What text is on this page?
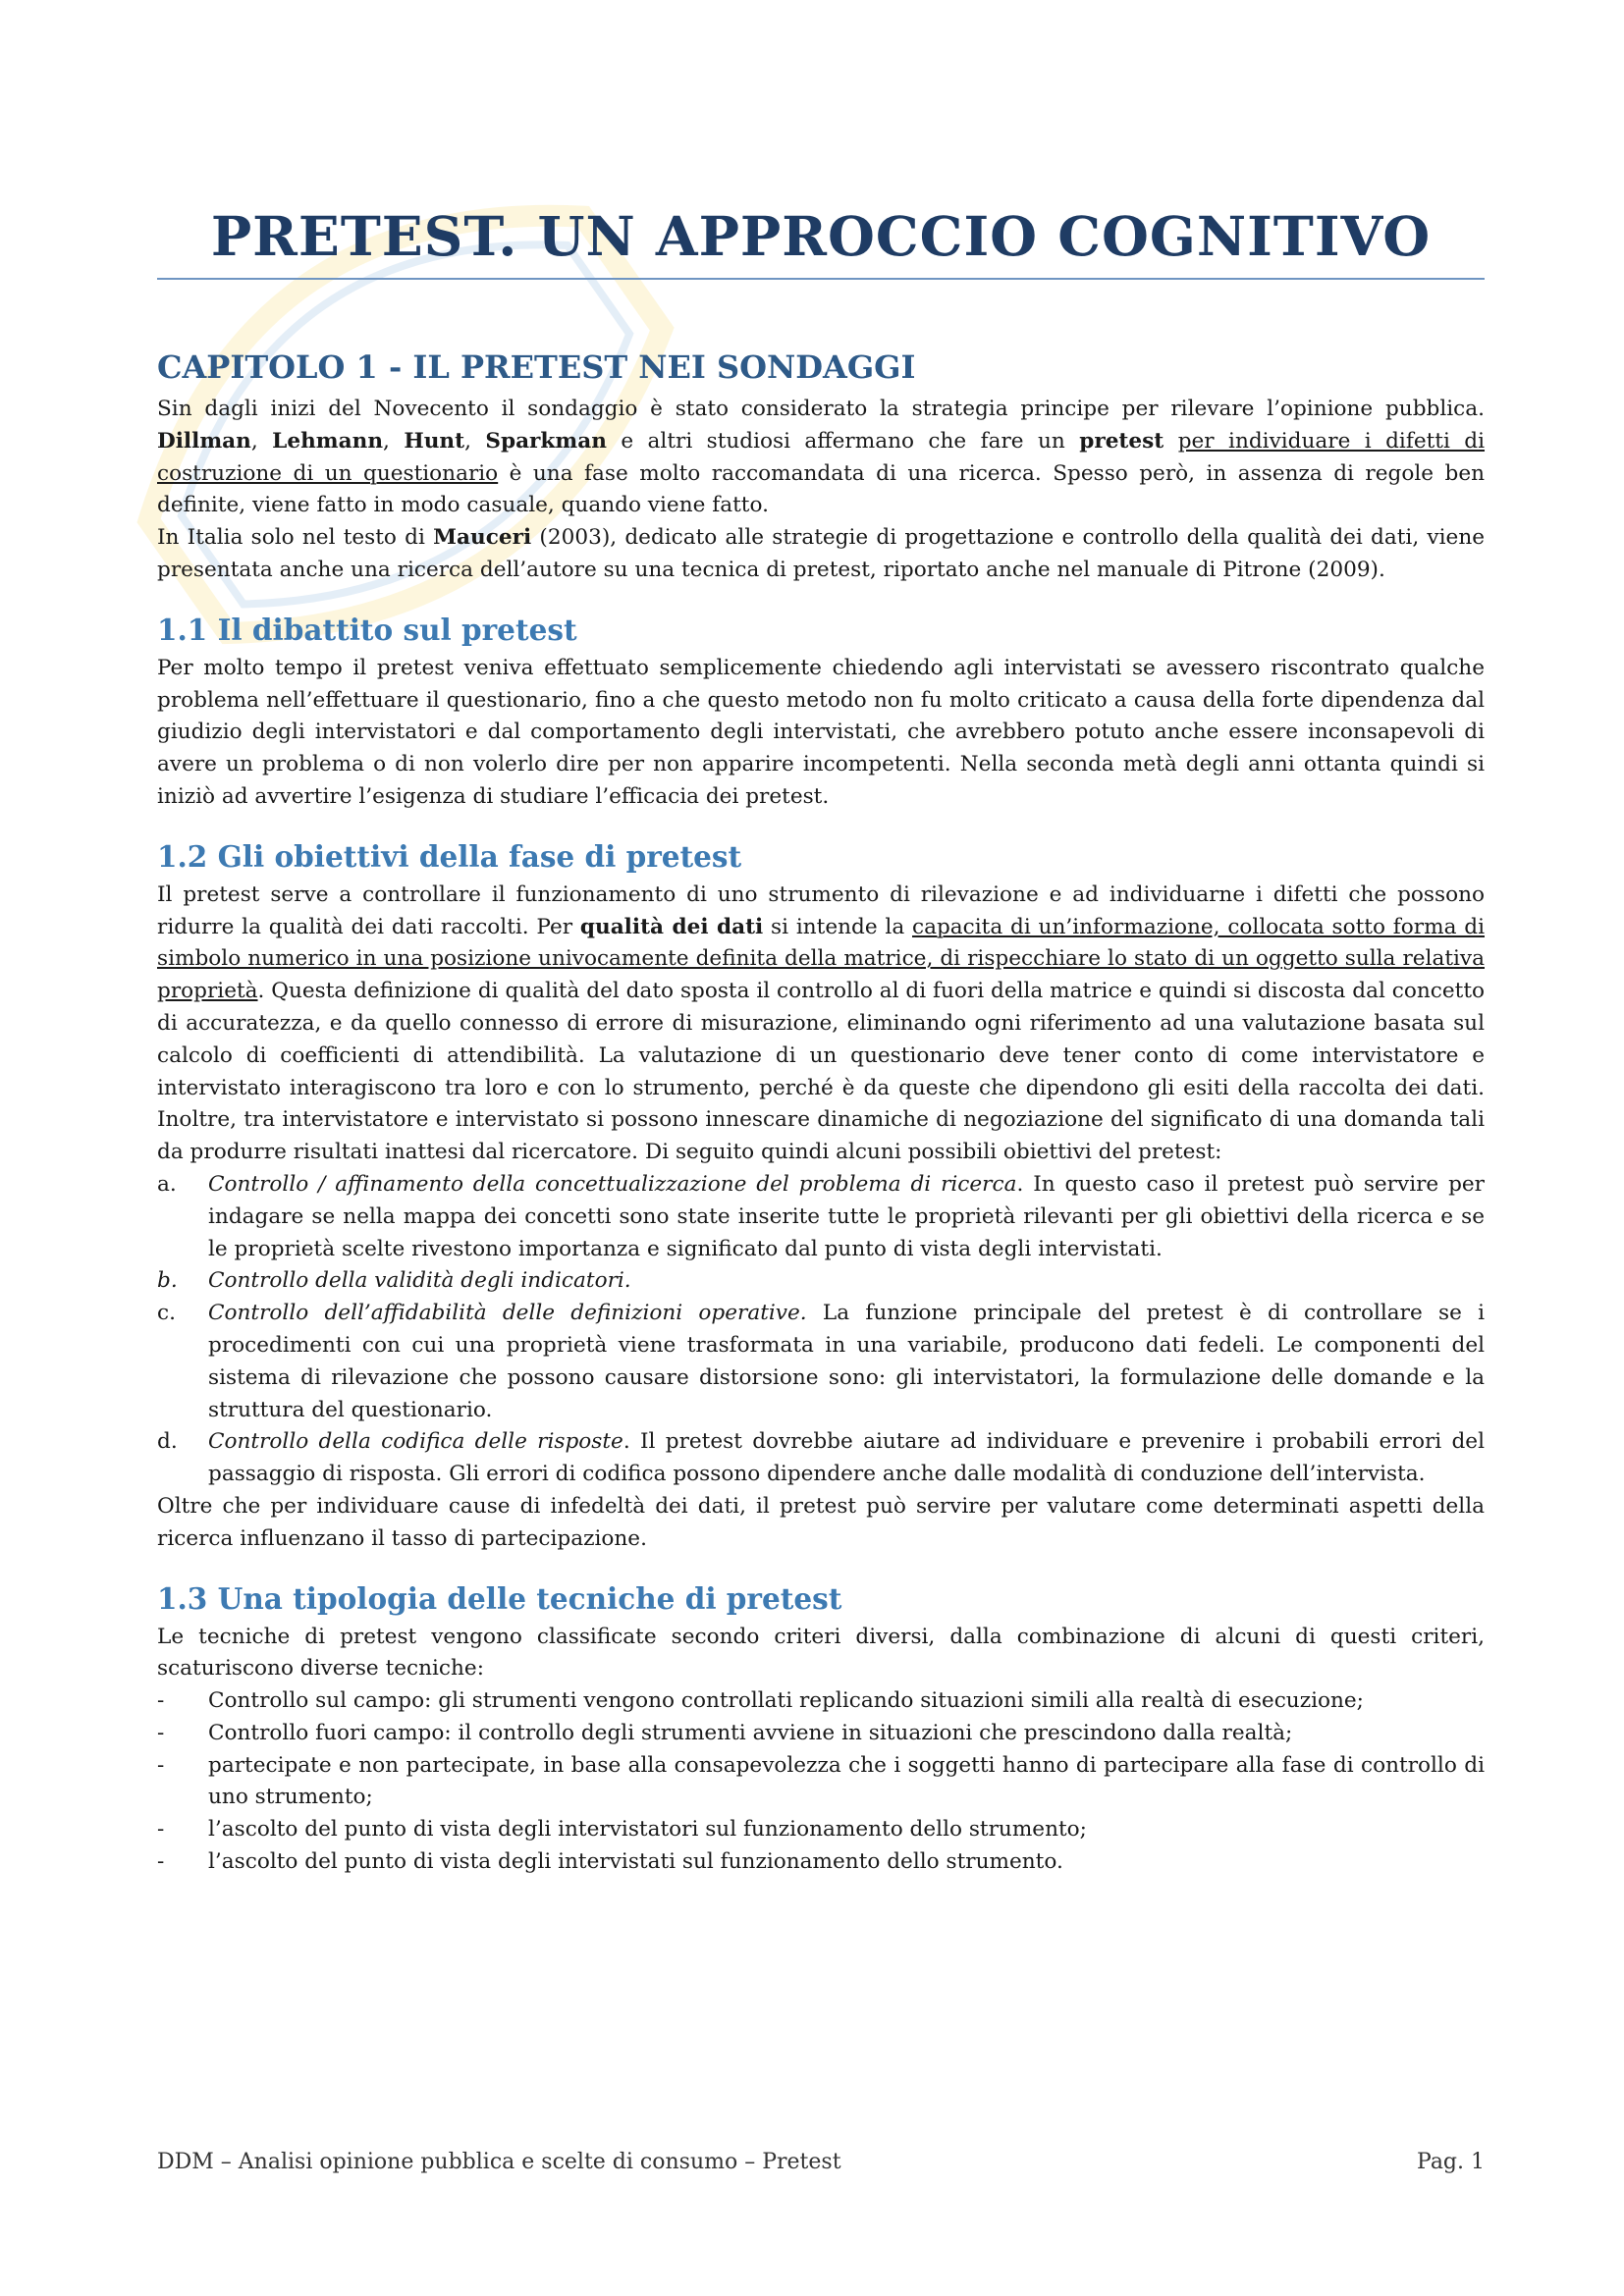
PRETEST. UN APPROCCIO COGNITIVO
CAPITOLO 1 - IL PRETEST NEI SONDAGGI

Sin dagli inizi del Novecento il sondaggio è stato considerato la strategia principe per rilevare l’opinione pubblica. Dillman, Lehmann, Hunt, Sparkman e altri studiosi affermano che fare un pretest per individuare i difetti di costruzione di un questionario è una fase molto raccomandata di una ricerca. Spesso però, in assenza di regole ben definite, viene fatto in modo casuale, quando viene fatto.

In Italia solo nel testo di Mauceri (2003), dedicato alle strategie di progettazione e controllo della qualità dei dati, viene presentata anche una ricerca dell’autore su una tecnica di pretest, riportato anche nel manuale di Pitrone (2009).

1.1 Il dibattito sul pretest

Per molto tempo il pretest veniva effettuato semplicemente chiedendo agli intervistati se avessero riscontrato qualche problema nell’effettuare il questionario, fino a che questo metodo non fu molto criticato a causa della forte dipendenza dal giudizio degli intervistatori e dal comportamento degli intervistati, che avrebbero potuto anche essere inconsapevoli di avere un problema o di non volerlo dire per non apparire incompetenti. Nella seconda metà degli anni ottanta quindi si iniziò ad avvertire l’esigenza di studiare l’efficacia dei pretest.

1.2 Gli obiettivi della fase di pretest

Il pretest serve a controllare il funzionamento di uno strumento di rilevazione e ad individuarne i difetti che possono ridurre la qualità dei dati raccolti. Per qualità dei dati si intende la capacita di un’informazione, collocata sotto forma di simbolo numerico in una posizione univocamente definita della matrice, di rispecchiare lo stato di un oggetto sulla relativa proprietà. Questa definizione di qualità del dato sposta il controllo al di fuori della matrice e quindi si discosta dal concetto di accuratezza, e da quello connesso di errore di misurazione, eliminando ogni riferimento ad una valutazione basata sul calcolo di coefficienti di attendibilità. La valutazione di un questionario deve tener conto di come intervistatore e intervistato interagiscono tra loro e con lo strumento, perché è da queste che dipendono gli esiti della raccolta dei dati. Inoltre, tra intervistatore e intervistato si possono innescare dinamiche di negoziazione del significato di una domanda tali da produrre risultati inattesi dal ricercatore. Di seguito quindi alcuni possibili obiettivi del pretest:

a. Controllo / affinamento della concettualizzazione del problema di ricerca. In questo caso il pretest può servire per indagare se nella mappa dei concetti sono state inserite tutte le proprietà rilevanti per gli obiettivi della ricerca e se le proprietà scelte rivestono importanza e significato dal punto di vista degli intervistati.
b. Controllo della validità degli indicatori.
c. Controllo dell’affidabilità delle definizioni operative. La funzione principale del pretest è di controllare se i procedimenti con cui una proprietà viene trasformata in una variabile, producono dati fedeli. Le componenti del sistema di rilevazione che possono causare distorsione sono: gli intervistatori, la formulazione delle domande e la struttura del questionario.
d. Controllo della codifica delle risposte. Il pretest dovrebbe aiutare ad individuare e prevenire i probabili errori del passaggio di risposta. Gli errori di codifica possono dipendere anche dalle modalità di conduzione dell’intervista.

Oltre che per individuare cause di infedeltà dei dati, il pretest può servire per valutare come determinati aspetti della ricerca influenzano il tasso di partecipazione.

1.3 Una tipologia delle tecniche di pretest

Le tecniche di pretest vengono classificate secondo criteri diversi, dalla combinazione di alcuni di questi criteri, scaturiscono diverse tecniche:

- Controllo sul campo: gli strumenti vengono controllati replicando situazioni simili alla realtà di esecuzione;
- Controllo fuori campo: il controllo degli strumenti avviene in situazioni che prescindono dalla realtà;
- partecipate e non partecipate, in base alla consapevolezza che i soggetti hanno di partecipare alla fase di controllo di uno strumento;
- l’ascolto del punto di vista degli intervistatori sul funzionamento dello strumento;
- l’ascolto del punto di vista degli intervistati sul funzionamento dello strumento.
DDM – Analisi opinione pubblica e scelte di consumo – Pretest	Pag. 1
